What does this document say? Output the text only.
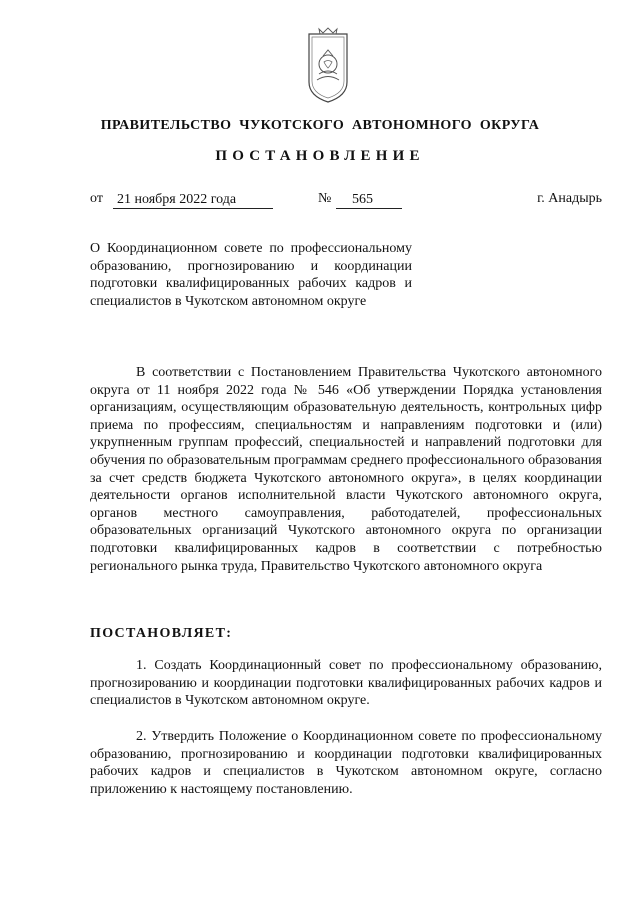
ПРАВИТЕЛЬСТВО ЧУКОТСКОГО АВТОНОМНОГО ОКРУГА
ПОСТАНОВЛЕНИЕ
от 21 ноября 2022 года	№	565	г. Анадырь
О Координационном совете по профессиональному образованию, прогнозированию и координации подготовки квалифицированных рабочих кадров и специалистов в Чукотском автономном округе

В соответствии с Постановлением Правительства Чукотского автономного округа от 11 ноября 2022 года № 546 «Об утверждении Порядка установления организациям, осуществляющим образовательную деятельность, контрольных цифр приема по профессиям, специальностям и направлениям подготовки и (или) укрупненным группам профессий, специальностей и направлений подготовки для обучения по образовательным программам среднего профессионального образования за счет средств бюджета Чукотского автономного округа», в целях координации деятельности органов исполнительной власти Чукотского автономного округа, органов местного самоуправления, работодателей, профессиональных образовательных организаций Чукотского автономного округа по организации подготовки квалифицированных кадров в соответствии с потребностью регионального рынка труда, Правительство Чукотского автономного округа

ПОСТАНОВЛЯЕТ:

1. Создать Координационный совет по профессиональному образованию, прогнозированию и координации подготовки квалифицированных рабочих кадров и специалистов в Чукотском автономном округе.

2. Утвердить Положение о Координационном совете по профессиональному образованию, прогнозированию и координации подготовки квалифицированных рабочих кадров и специалистов в Чукотском автономном округе, согласно приложению к настоящему постановлению.
